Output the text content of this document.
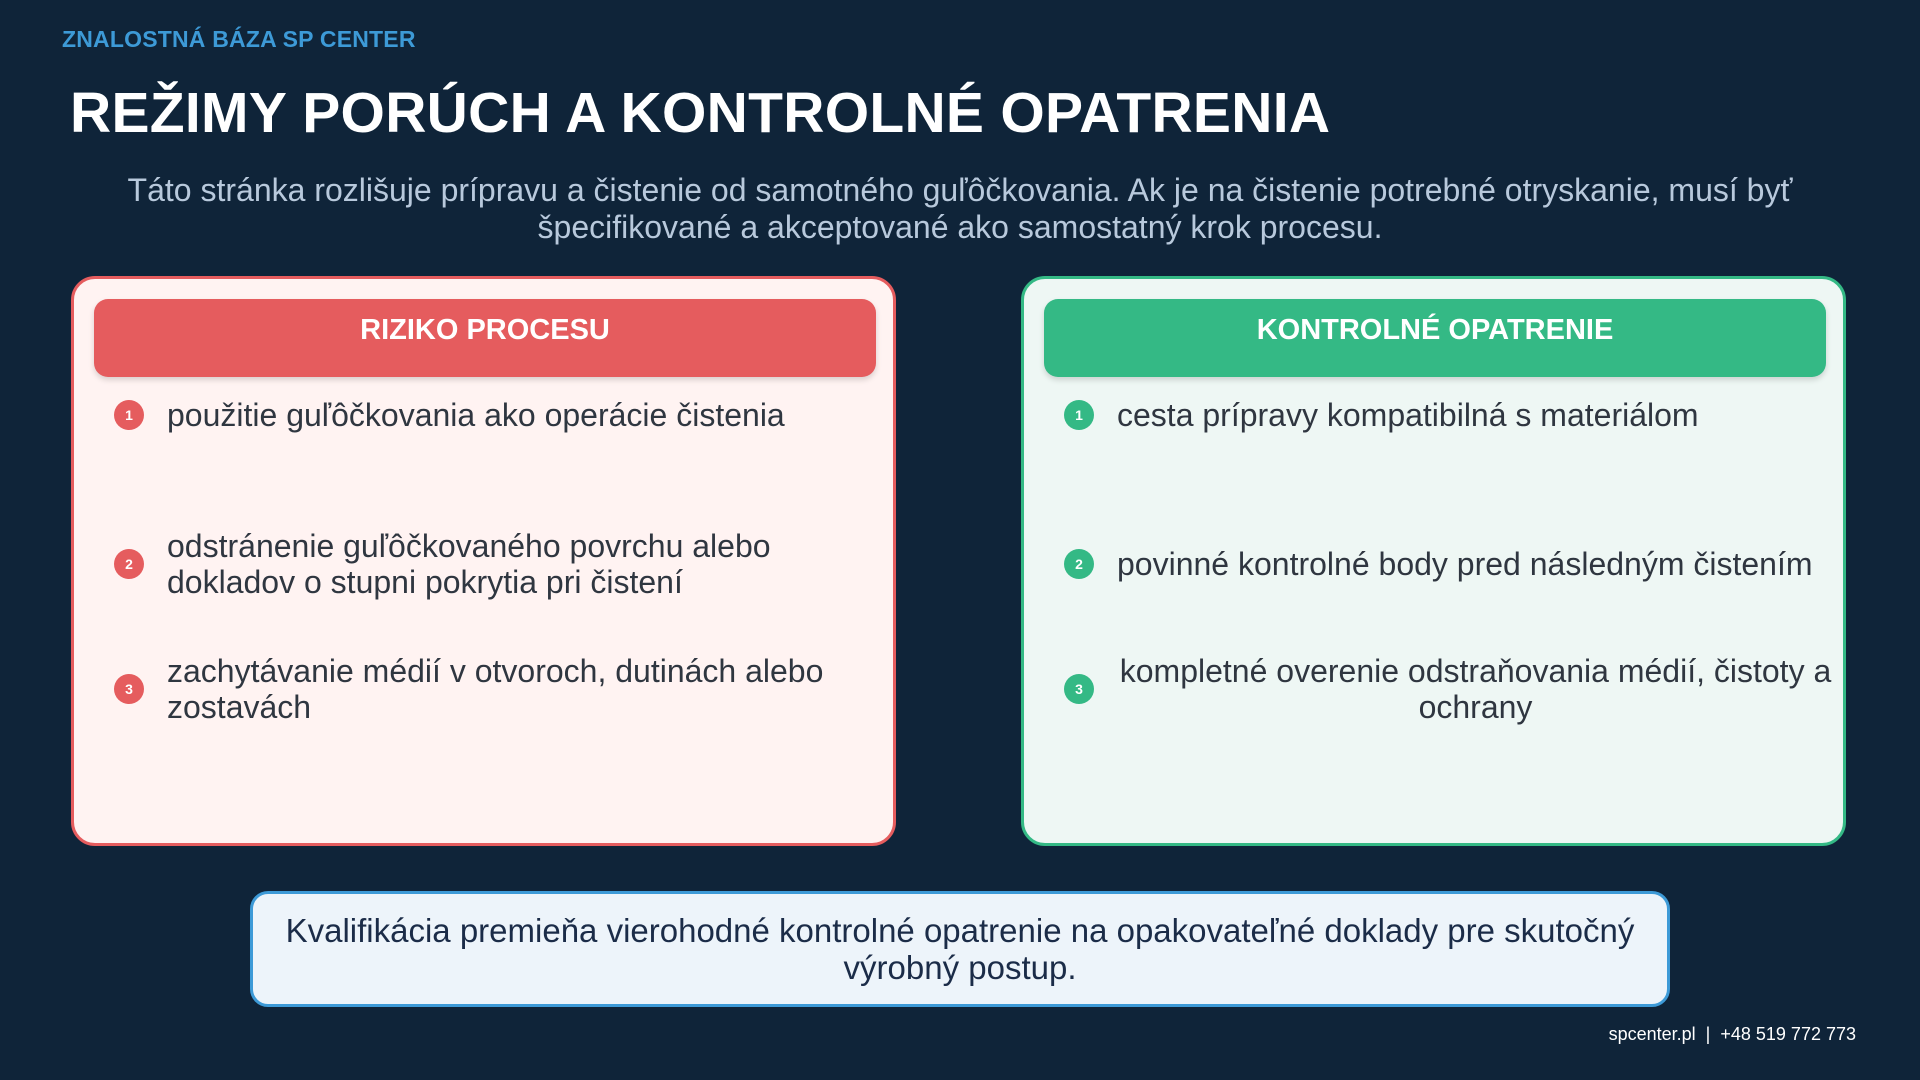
ZNALOSTNÁ BÁZA SP CENTER
REŽIMY PORÚCH A KONTROLNÉ OPATRENIA
Táto stránka rozlišuje prípravu a čistenie od samotného guľôčkovania. Ak je na čistenie potrebné otryskanie, musí byť špecifikované a akceptované ako samostatný krok procesu.
RIZIKO PROCESU
1	použitie guľôčkovania ako operácie čistenia
2	odstránenie guľôčkovaného povrchu alebo dokladov o stupni pokrytia pri čistení
3	zachytávanie médií v otvoroch, dutinách alebo zostavách
KONTROLNÉ OPATRENIE
1	cesta prípravy kompatibilná s materiálom
2	povinné kontrolné body pred následným čistením
3	kompletné overenie odstraňovania médií, čistoty a ochrany
Kvalifikácia premieňa vierohodné kontrolné opatrenie na opakovateľné doklady pre skutočný výrobný postup.
spcenter.pl | +48 519 772 773
